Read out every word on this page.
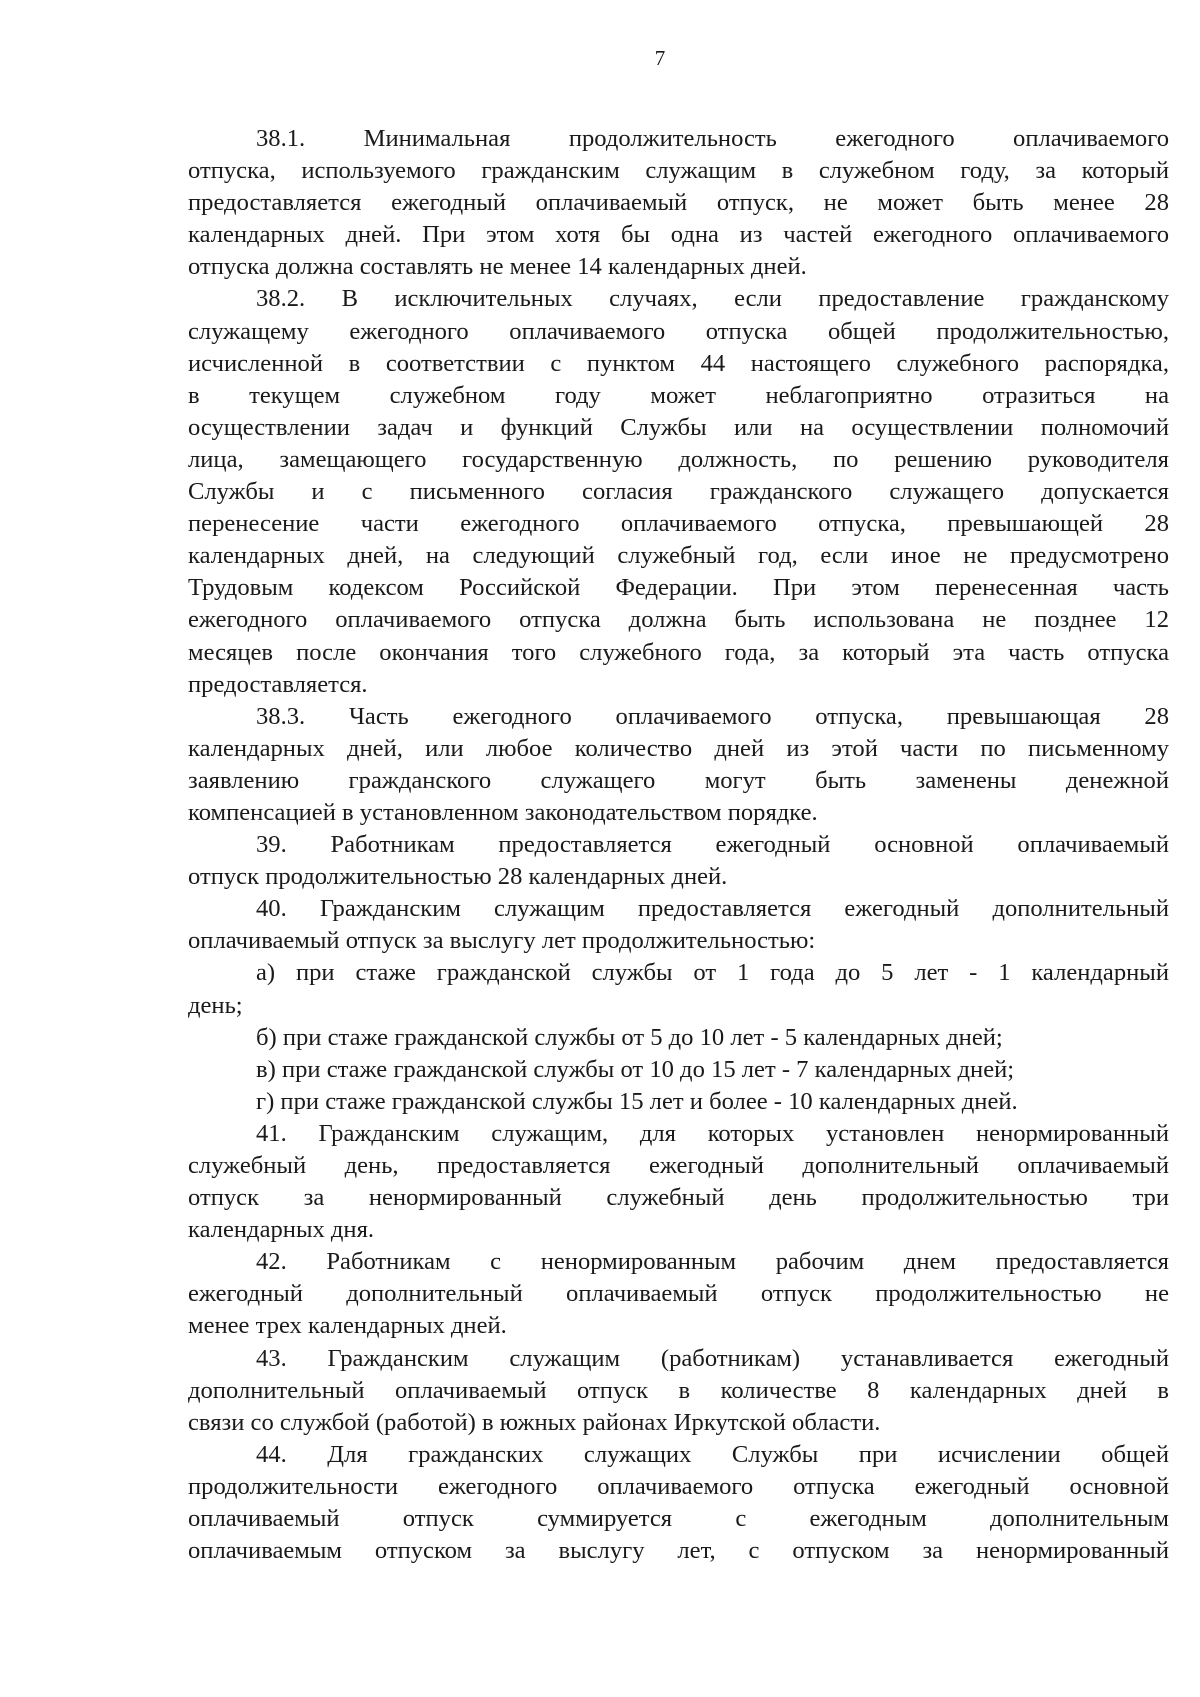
7
38.1. Минимальная продолжительность ежегодного оплачиваемого
отпуска, используемого гражданским служащим в служебном году, за который
предоставляется ежегодный оплачиваемый отпуск, не может быть менее 28
календарных дней. При этом хотя бы одна из частей ежегодного оплачиваемого
отпуска должна составлять не менее 14 календарных дней.
38.2. В исключительных случаях, если предоставление гражданскому
служащему ежегодного оплачиваемого отпуска общей продолжительностью,
исчисленной в соответствии с пунктом 44 настоящего служебного распорядка,
в текущем служебном году может неблагоприятно отразиться на
осуществлении задач и функций Службы или на осуществлении полномочий
лица, замещающего государственную должность, по решению руководителя
Службы и с письменного согласия гражданского служащего допускается
перенесение части ежегодного оплачиваемого отпуска, превышающей 28
календарных дней, на следующий служебный год, если иное не предусмотрено
Трудовым кодексом Российской Федерации. При этом перенесенная часть
ежегодного оплачиваемого отпуска должна быть использована не позднее 12
месяцев после окончания того служебного года, за который эта часть отпуска
предоставляется.
38.3. Часть ежегодного оплачиваемого отпуска, превышающая 28
календарных дней, или любое количество дней из этой части по письменному
заявлению гражданского служащего могут быть заменены денежной
компенсацией в установленном законодательством порядке.
39. Работникам предоставляется ежегодный основной оплачиваемый
отпуск продолжительностью 28 календарных дней.
40. Гражданским служащим предоставляется ежегодный дополнительный
оплачиваемый отпуск за выслугу лет продолжительностью:
а) при стаже гражданской службы от 1 года до 5 лет - 1 календарный
день;
б) при стаже гражданской службы от 5 до 10 лет - 5 календарных дней;
в) при стаже гражданской службы от 10 до 15 лет - 7 календарных дней;
г) при стаже гражданской службы 15 лет и более - 10 календарных дней.
41. Гражданским служащим, для которых установлен ненормированный
служебный день, предоставляется ежегодный дополнительный оплачиваемый
отпуск за ненормированный служебный день продолжительностью три
календарных дня.
42. Работникам с ненормированным рабочим днем предоставляется
ежегодный дополнительный оплачиваемый отпуск продолжительностью не
менее трех календарных дней.
43. Гражданским служащим (работникам) устанавливается ежегодный
дополнительный оплачиваемый отпуск в количестве 8 календарных дней в
связи со службой (работой) в южных районах Иркутской области.
44. Для гражданских служащих Службы при исчислении общей
продолжительности ежегодного оплачиваемого отпуска ежегодный основной
оплачиваемый отпуск суммируется с ежегодным дополнительным
оплачиваемым отпуском за выслугу лет, с отпуском за ненормированный
